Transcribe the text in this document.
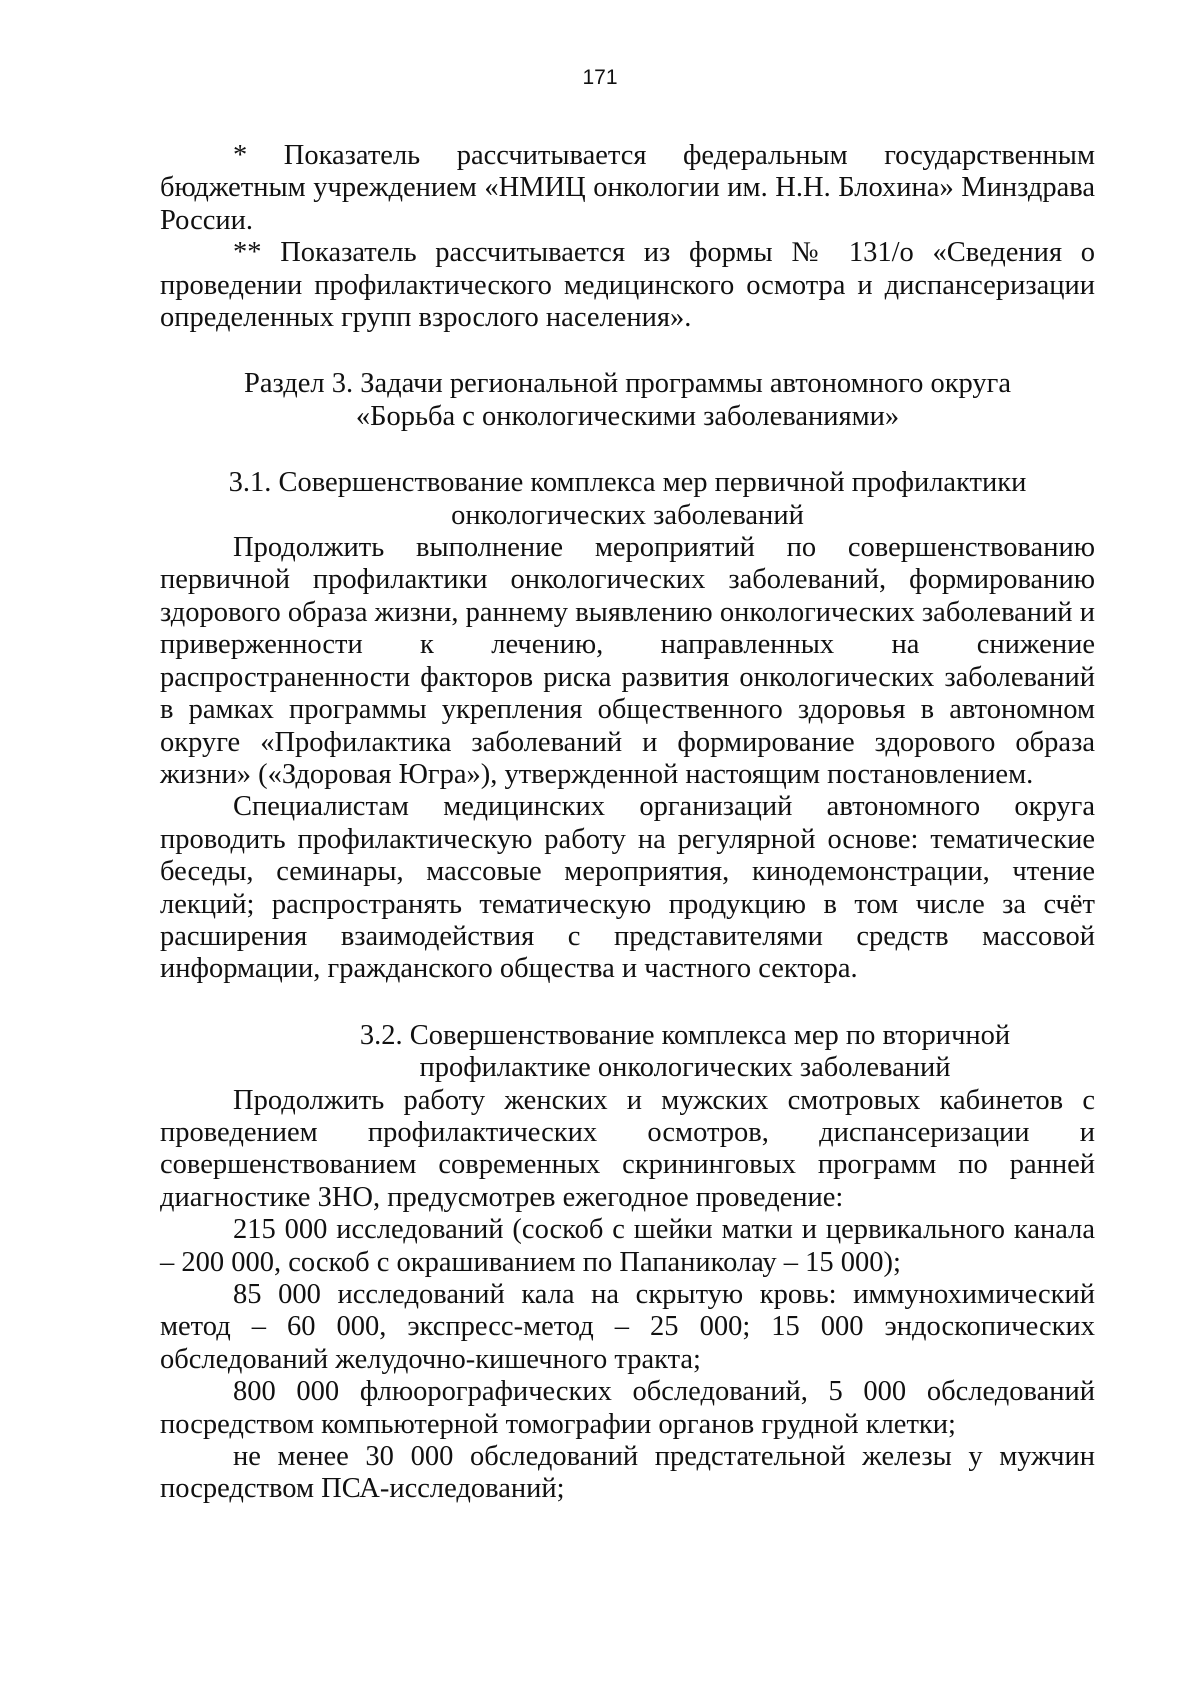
171

* Показатель рассчитывается федеральным государственным бюджетным учреждением «НМИЦ онкологии им. Н.Н. Блохина» Минздрава России.

** Показатель рассчитывается из формы № 131/о «Сведения о проведении профилактического медицинского осмотра и диспансеризации определенных групп взрослого населения».

Раздел 3. Задачи региональной программы автономного округа
«Борьба с онкологическими заболеваниями»
3.1. Совершенствование комплекса мер первичной профилактики
онкологических заболеваний

Продолжить выполнение мероприятий по совершенствованию первичной профилактики онкологических заболеваний, формированию здорового образа жизни, раннему выявлению онкологических заболеваний и приверженности к лечению, направленных на снижение распространенности факторов риска развития онкологических заболеваний в рамках программы укрепления общественного здоровья в автономном округе «Профилактика заболеваний и формирование здорового образа жизни» («Здоровая Югра»), утвержденной настоящим постановлением.

Специалистам медицинских организаций автономного округа проводить профилактическую работу на регулярной основе: тематические беседы, семинары, массовые мероприятия, кинодемонстрации, чтение лекций; распространять тематическую продукцию в том числе за счёт расширения взаимодействия с представителями средств массовой информации, гражданского общества и частного сектора.

3.2. Совершенствование комплекса мер по вторичной
профилактике онкологических заболеваний

Продолжить работу женских и мужских смотровых кабинетов с проведением профилактических осмотров, диспансеризации и совершенствованием современных скрининговых программ по ранней диагностике ЗНО, предусмотрев ежегодное проведение:

215 000 исследований (соскоб с шейки матки и цервикального канала – 200 000, соскоб с окрашиванием по Папаниколау – 15 000);

85 000 исследований кала на скрытую кровь: иммунохимический метод – 60 000, экспресс-метод – 25 000; 15 000 эндоскопических обследований желудочно-кишечного тракта;

800 000 флюорографических обследований, 5 000 обследований посредством компьютерной томографии органов грудной клетки;

не менее 30 000 обследований предстательной железы у мужчин посредством ПСА-исследований;
